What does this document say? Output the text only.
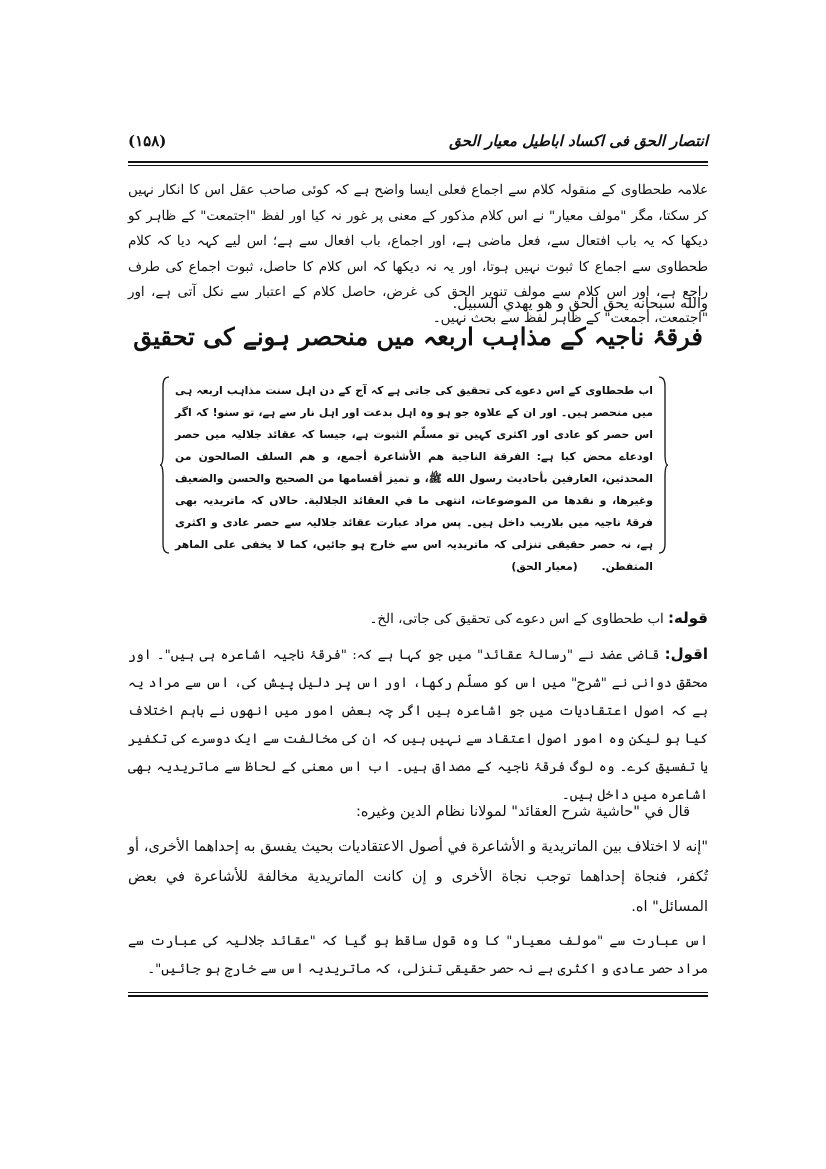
انتصار الحق فی اکساد اباطیل معیار الحق
(۱۵۸)
علامہ طحطاوی کے منقولہ کلام سے اجماع فعلی ایسا واضح ہے کہ کوئی صاحب عقل اس کا انکار نہیں کر سکتا، مگر "مولف معیار" نے اس کلام مذکور کے معنی پر غور نہ کیا اور لفظ "اجتمعت" کے ظاہر کو دیکھا کہ یہ باب افتعال سے، فعل ماضی ہے، اور اجماع، باب افعال سے ہے؛ اس لیے کہہ دیا کہ کلام طحطاوی سے اجماع کا ثبوت نہیں ہوتا، اور یہ نہ دیکھا کہ اس کلام کا حاصل، ثبوت اجماع کی طرف راجع ہے، اور اس کلام سے مولف تنویر الحق کی غرض، حاصل کلام کے اعتبار سے نکل آتی ہے، اور "اجتمعت، أجمعت" کے ظاہر لفظ سے بحث نہیں۔
والله سبحانه يحق الحق و هو يهدي السبيل.
فرقۂ ناجیہ کے مذاہب اربعہ میں منحصر ہونے کی تحقیق
اب طحطاوی کے اس دعوے کی تحقیق کی جاتی ہے کہ آج کے دن اہل سنت مذاہب اربعہ ہی میں منحصر ہیں۔ اور ان کے علاوہ جو ہو وہ اہل بدعت اور اہل نار سے ہے، تو سنو! کہ اگر اس حصر کو عادی اور اکثری کہیں تو مسلّم الثبوت ہے، جیسا کہ عقائد جلالیہ میں حصر اودعاے محض کیا ہے: الفرقة الناجية هم الأشاعرة أجمع، و هم السلف الصالحون من المحدثين، العارفين بأحاديث رسول الله ﷺ، و تميز أقسامها من الصحيح والحسن والضعيف وغيرها، و نقدها من الموضوعات، انتهى ما في العقائد الجلالية. حالاں کہ ماتریدیہ بھی فرقۂ ناجیہ میں بلاریب داخل ہیں۔ پس مراد عبارت عقائد جلالیہ سے حصر عادی و اکثری ہے، نہ حصر حقیقی تنزلی کہ ماتریدیہ اس سے خارج ہو جائیں، کما لا يخفى على الماهر المتفطن. (معیار الحق)
قوله: اب طحطاوی کے اس دعوے کی تحقیق کی جاتی، الخ۔
اقول: قاضی عضد نے "رسالۂ عقائد" میں جو کہا ہے کہ: "فرقۂ ناجیہ اشاعرہ ہی ہیں"۔ اور محقق دوانی نے "شرح" میں اس کو مسلّم رکھا، اور اس پر دلیل پیش کی، اس سے مراد یہ ہے کہ اصول اعتقادیات میں جو اشاعرہ ہیں اگر چہ بعض امور میں انھوں نے باہم اختلاف کیا ہو لیکن وہ امور اصول اعتقاد سے نہیں ہیں کہ ان کی مخالفت سے ایک دوسرے کی تکفیر یا تفسیق کرے۔ وہ لوگ فرقۂ ناجیہ کے مصداق ہیں۔ اب اس معنی کے لحاظ سے ماتریدیہ بھی اشاعرہ میں داخل ہیں۔
قال في "حاشية شرح العقائد" لمولانا نظام الدين وغيره:
"إنه لا اختلاف بين الماتريدية و الأشاعرة في أصول الاعتقاديات بحيث يفسق به إحداهما الأخرى، أو تُكفر، فنجاة إحداهما توجب نجاة الأخرى و إن كانت الماتريدية مخالفة للأشاعرة في بعض المسائل" اه.
اس عبارت سے "مولف معیار" کا وہ قول ساقط ہو گیا کہ "عقائد جلالیہ کی عبارت سے مراد حصر عادی و اکثری ہے نہ حصر حقیقی تنزلی، کہ ماتریدیہ اس سے خارج ہو جائیں"۔
